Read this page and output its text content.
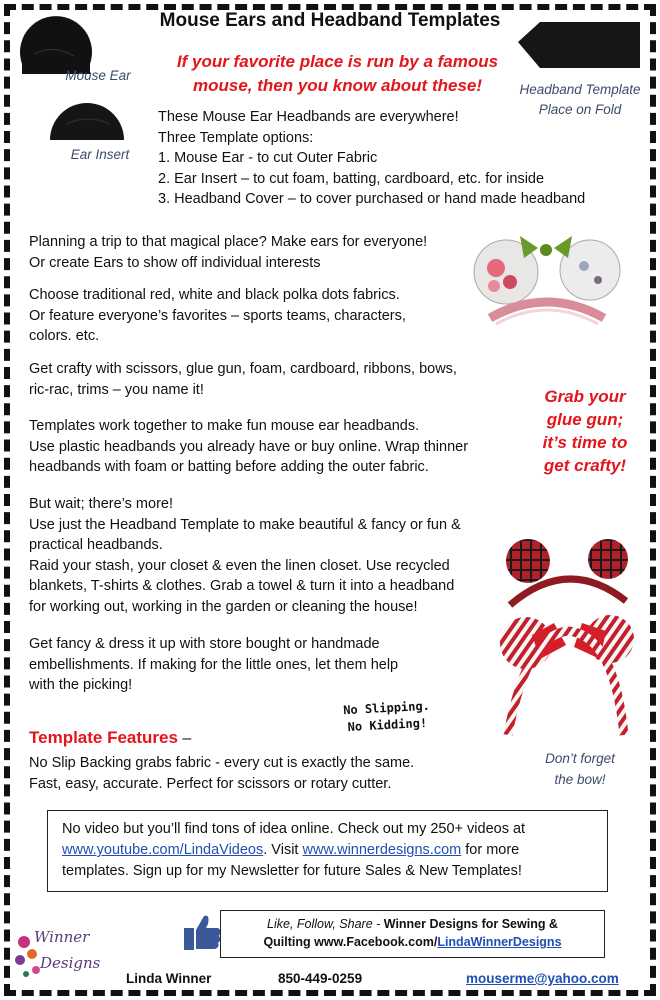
Mouse Ears and Headband Templates
Mouse Ear
Ear Insert
Headband Template
Place on Fold
If your favorite place is run by a famous
mouse, then you know about these!
These Mouse Ear Headbands are everywhere!
Three Template options:
1. Mouse Ear - to cut Outer Fabric
2. Ear Insert – to cut foam, batting, cardboard, etc. for inside
3. Headband Cover – to cover purchased or hand made headband
Planning a trip to that magical place? Make ears for everyone!
Or create Ears to show off individual interests
Choose traditional red, white and black polka dots fabrics.
Or feature everyone’s favorites – sports teams, characters,
colors. etc.
Get crafty with scissors, glue gun, foam, cardboard, ribbons, bows,
ric-rac, trims – you name it!	Grab your
glue gun;
it’s time to
get crafty!
Templates work together to make fun mouse ear headbands.
Use plastic headbands you already have or buy online. Wrap thinner
headbands with foam or batting before adding the outer fabric.
But wait; there’s more!
Use just the Headband Template to make beautiful & fancy or fun &
practical headbands.
Raid your stash, your closet & even the linen closet. Use recycled
blankets, T-shirts & clothes. Grab a towel & turn it into a headband
for working out, working in the garden or cleaning the house!
Get fancy & dress it up with store bought or handmade
embellishments. If making for the little ones, let them help
with the picking!
No Slipping.
No Kidding!
Template Features –
No Slip Backing grabs fabric - every cut is exactly the same.
Fast, easy, accurate. Perfect for scissors or rotary cutter.
Don’t forget
the bow!
No video but you’ll find tons of idea online. Check out my 250+ videos at
www.youtube.com/LindaVideos. Visit www.winnerdesigns.com for more
templates. Sign up for my Newsletter for future Sales & New Templates!
Winner
Designs
Like, Follow, Share - Winner Designs for Sewing &
Quilting www.Facebook.com/LindaWinnerDesigns
Linda Winner	850-449-0259	mouserme@yahoo.com
